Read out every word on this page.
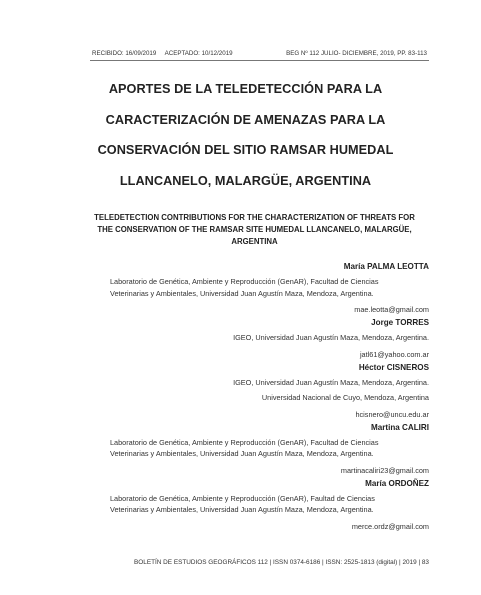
RECIBIDO: 16/09/2019 ACEPTADO: 10/12/2019	BEG Nº 112 JULIO- DICIEMBRE, 2019, PP. 83-113
APORTES DE LA TELEDETECCIÓN PARA LA
CARACTERIZACIÓN DE AMENAZAS PARA LA
CONSERVACIÓN DEL SITIO RAMSAR HUMEDAL
LLANCANELO, MALARGÜE, ARGENTINA
TELEDETECTION CONTRIBUTIONS FOR THE CHARACTERIZATION OF THREATS FOR
THE CONSERVATION OF THE RAMSAR SITE HUMEDAL LLANCANELO, MALARGÜE,
ARGENTINA
María PALMA LEOTTA
Laboratorio de Genética, Ambiente y Reproducción (GenAR), Facultad de Ciencias
Veterinarias y Ambientales, Universidad Juan Agustín Maza, Mendoza, Argentina.
mae.leotta@gmail.com
Jorge TORRES
IGEO, Universidad Juan Agustín Maza, Mendoza, Argentina.
jatl61@yahoo.com.ar
Héctor CISNEROS
IGEO, Universidad Juan Agustín Maza, Mendoza, Argentina.
Universidad Nacional de Cuyo, Mendoza, Argentina
hcisnero@uncu.edu.ar
Martina CALIRI
Laboratorio de Genética, Ambiente y Reproducción (GenAR), Facultad de Ciencias
Veterinarias y Ambientales, Universidad Juan Agustín Maza, Mendoza, Argentina.
martinacaliri23@gmail.com
María ORDOÑEZ
Laboratorio de Genética, Ambiente y Reproducción (GenAR), Faultad de Ciencias
Veterinarias y Ambientales, Universidad Juan Agustín Maza, Mendoza, Argentina.
merce.ordz@gmail.com
BOLETÍN DE ESTUDIOS GEOGRÁFICOS 112 | ISSN 0374-6186 | ISSN: 2525-1813 (digital) | 2019 | 83
